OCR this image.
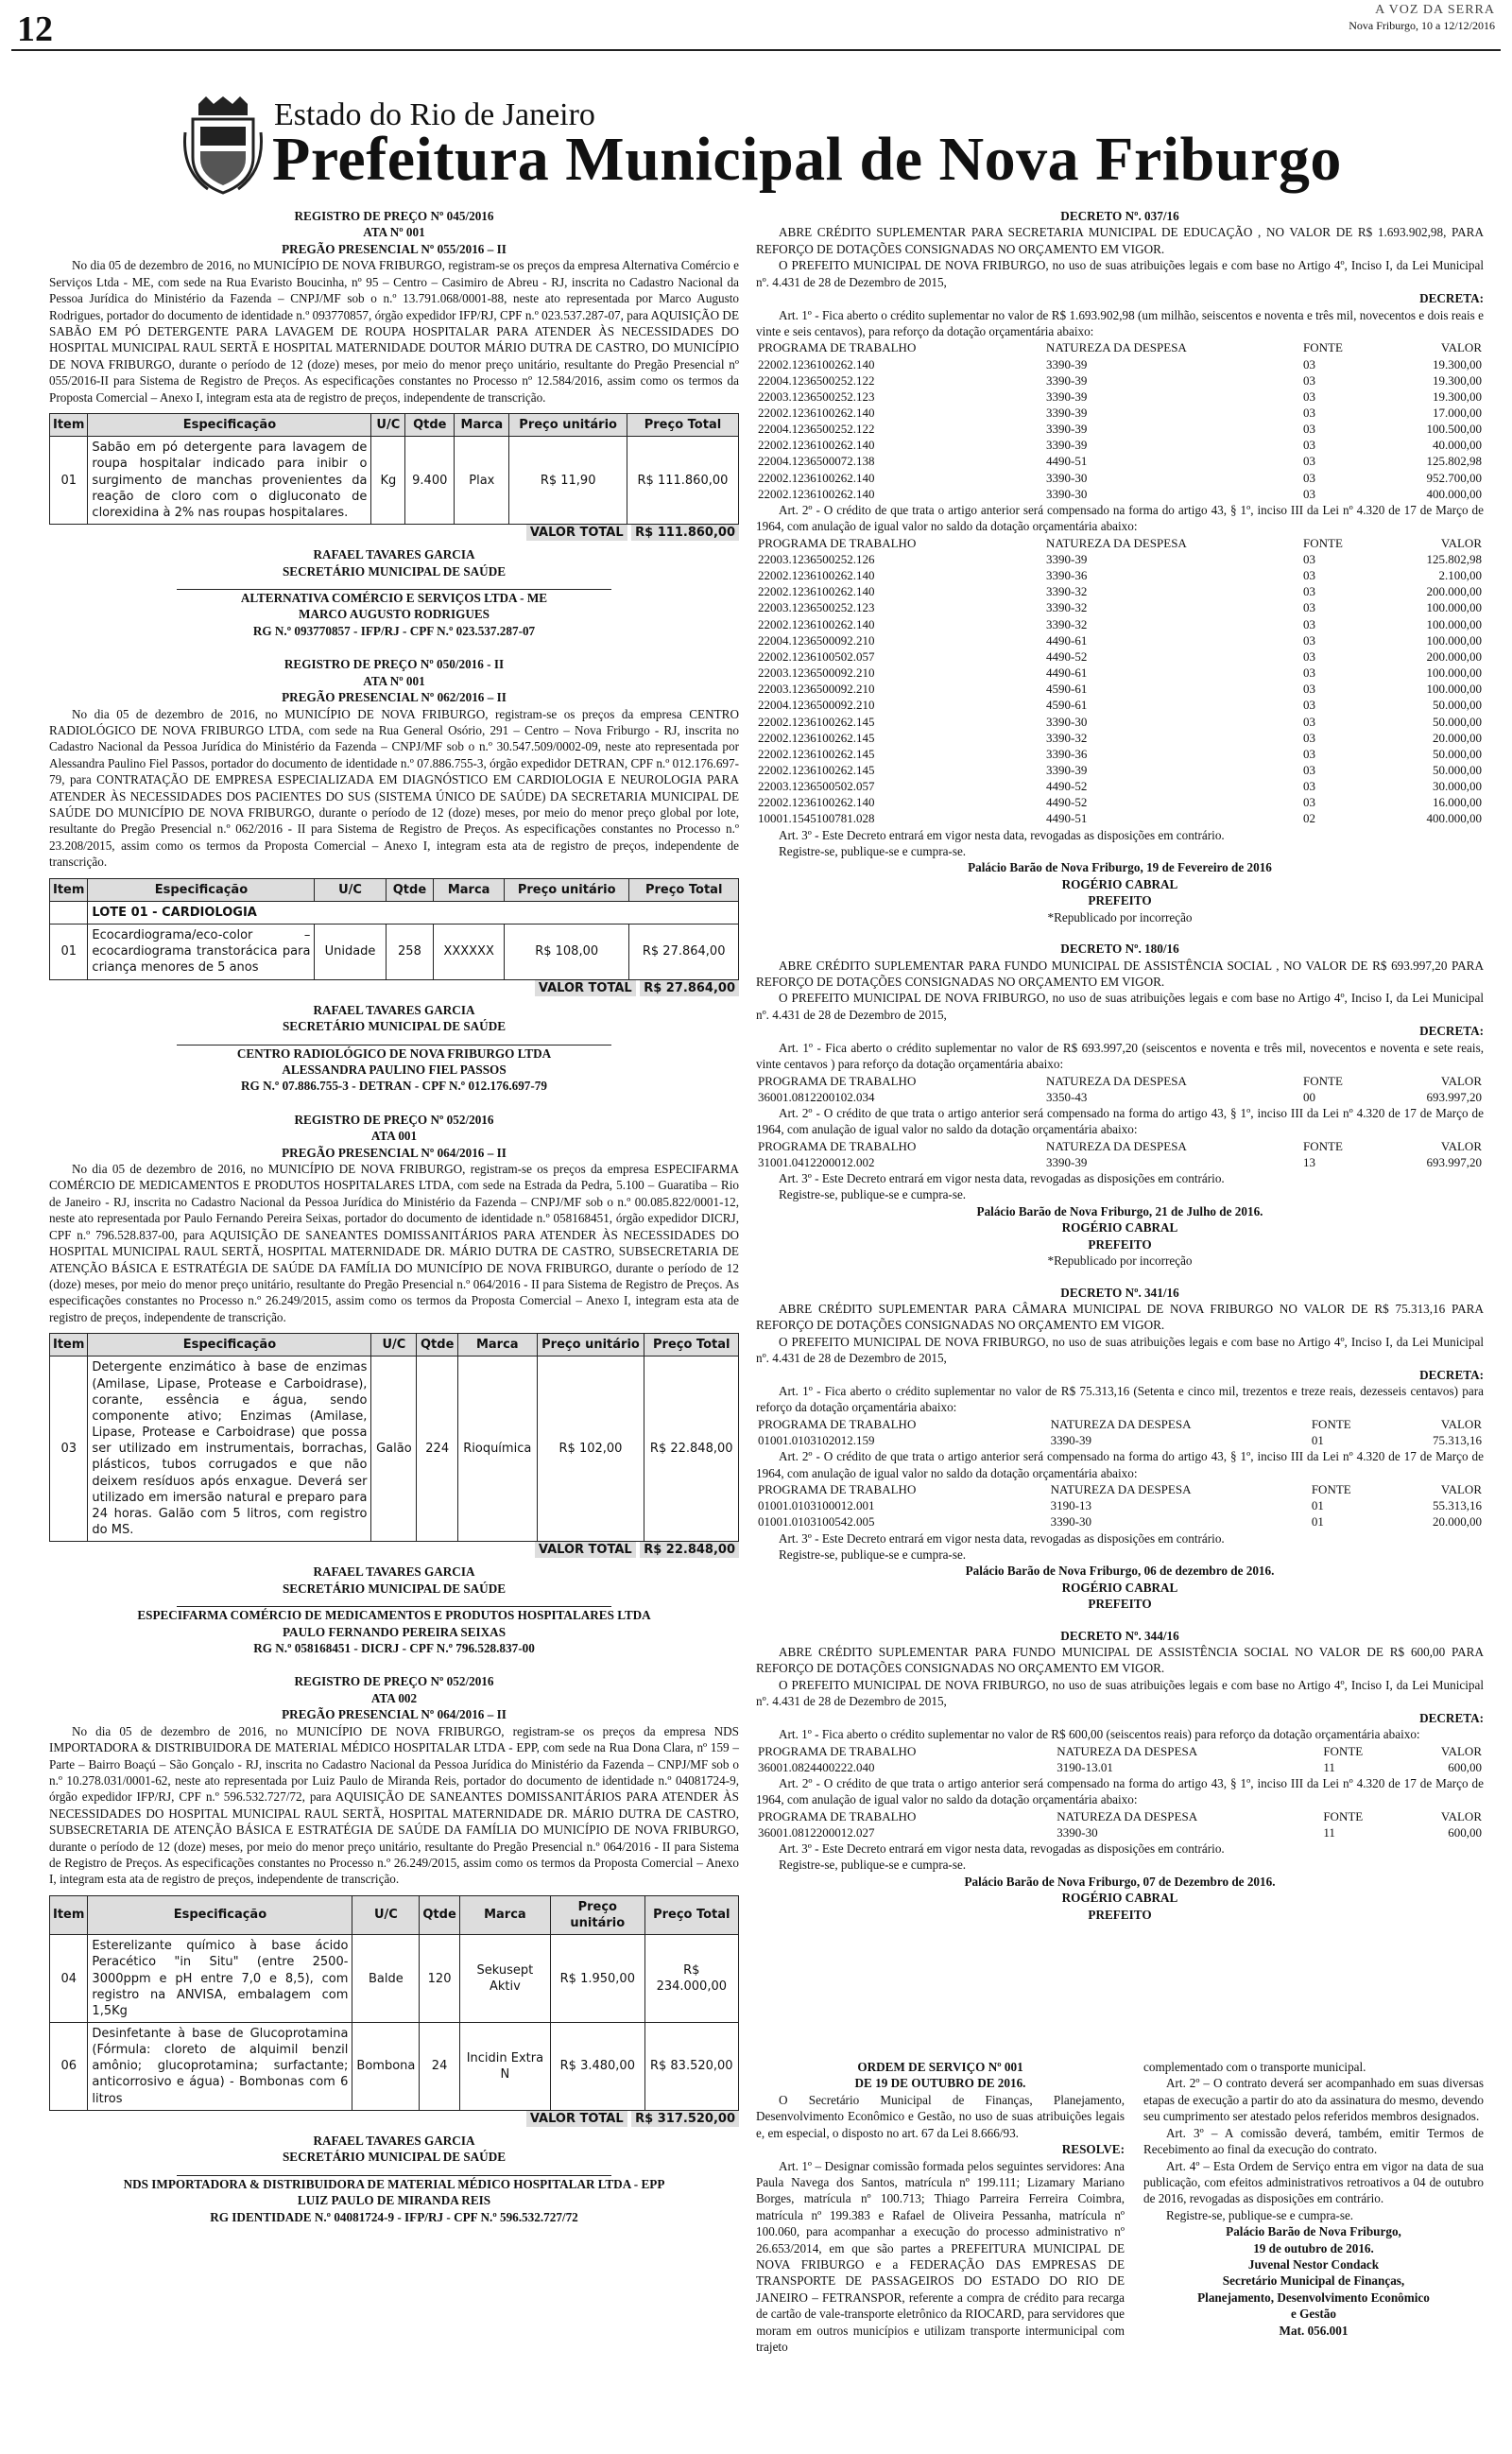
12	A VOZ DA SERRA
Nova Friburgo, 10 a 12/12/2016
Estado do Rio de Janeiro
Prefeitura Municipal de Nova Friburgo
REGISTRO DE PREÇO Nº 045/2016
ATA Nº 001
PREGÃO PRESENCIAL Nº 055/2016 – II
No dia 05 de dezembro de 2016, no MUNICÍPIO DE NOVA FRIBURGO, registram-se os preços da empresa Alternativa Comércio e Serviços Ltda - ME, com sede na Rua Evaristo Boucinha, nº 95 – Centro – Casimiro de Abreu - RJ, inscrita no Cadastro Nacional da Pessoa Jurídica do Ministério da Fazenda – CNPJ/MF sob o n.º 13.791.068/0001-88, neste ato representada por Marco Augusto Rodrigues, portador do documento de identidade n.º 093770857, órgão expedidor IFP/RJ, CPF n.º 023.537.287-07, para AQUISIÇÃO DE SABÃO EM PÓ DETERGENTE PARA LAVAGEM DE ROUPA HOSPITALAR PARA ATENDER ÀS NECESSIDADES DO HOSPITAL MUNICIPAL RAUL SERTÃ E HOSPITAL MATERNIDADE DOUTOR MÁRIO DUTRA DE CASTRO, DO MUNICÍPIO DE NOVA FRIBURGO, durante o período de 12 (doze) meses, por meio do menor preço unitário, resultante do Pregão Presencial nº 055/2016-II para Sistema de Registro de Preços. As especificações constantes no Processo nº 12.584/2016, assim como os termos da Proposta Comercial – Anexo I, integram esta ata de registro de preços, independente de transcrição.
Item	Especificação	U/C	Qtde	Marca	Preço unitário	Preço Total
01	Sabão em pó detergente para lavagem de roupa hospitalar indicado para inibir o surgimento de manchas provenientes da reação de cloro com o digluconato de clorexidina à 2% nas roupas hospitalares.	Kg	9.400	Plax	R$ 11,90	R$ 111.860,00
VALOR TOTAL R$ 111.860,00
RAFAEL TAVARES GARCIA
SECRETÁRIO MUNICIPAL DE SAÚDE
ALTERNATIVA COMÉRCIO E SERVIÇOS LTDA - ME
MARCO AUGUSTO RODRIGUES
RG N.º 093770857 - IFP/RJ - CPF N.º 023.537.287-07
REGISTRO DE PREÇO Nº 050/2016 - II
ATA Nº 001
PREGÃO PRESENCIAL Nº 062/2016 – II
No dia 05 de dezembro de 2016, no MUNICÍPIO DE NOVA FRIBURGO, registram-se os preços da empresa CENTRO RADIOLÓGICO DE NOVA FRIBURGO LTDA, com sede na Rua General Osório, 291 – Centro – Nova Friburgo - RJ, inscrita no Cadastro Nacional da Pessoa Jurídica do Ministério da Fazenda – CNPJ/MF sob o n.º 30.547.509/0002-09, neste ato representada por Alessandra Paulino Fiel Passos, portador do documento de identidade n.º 07.886.755-3, órgão expedidor DETRAN, CPF n.º 012.176.697-79, para CONTRATAÇÃO DE EMPRESA ESPECIALIZADA EM DIAGNÓSTICO EM CARDIOLOGIA E NEUROLOGIA PARA ATENDER ÀS NECESSIDADES DOS PACIENTES DO SUS (SISTEMA ÚNICO DE SAÚDE) DA SECRETARIA MUNICIPAL DE SAÚDE DO MUNICÍPIO DE NOVA FRIBURGO, durante o período de 12 (doze) meses, por meio do menor preço global por lote, resultante do Pregão Presencial n.º 062/2016 - II para Sistema de Registro de Preços. As especificações constantes no Processo n.º 23.208/2015, assim como os termos da Proposta Comercial – Anexo I, integram esta ata de registro de preços, independente de transcrição.
Item	Especificação	U/C	Qtde	Marca	Preço unitário	Preço Total
	LOTE 01 - CARDIOLOGIA					
01	Ecocardiograma/eco-color – ecocardiograma transtorácica para criança menores de 5 anos	Unidade	258	XXXXXX	R$ 108,00	R$ 27.864,00
VALOR TOTAL R$ 27.864,00
RAFAEL TAVARES GARCIA
SECRETÁRIO MUNICIPAL DE SAÚDE
CENTRO RADIOLÓGICO DE NOVA FRIBURGO LTDA
ALESSANDRA PAULINO FIEL PASSOS
RG N.º 07.886.755-3 - DETRAN - CPF N.º 012.176.697-79
REGISTRO DE PREÇO Nº 052/2016
ATA 001
PREGÃO PRESENCIAL Nº 064/2016 – II
No dia 05 de dezembro de 2016, no MUNICÍPIO DE NOVA FRIBURGO, registram-se os preços da empresa ESPECIFARMA COMÉRCIO DE MEDICAMENTOS E PRODUTOS HOSPITALARES LTDA, com sede na Estrada da Pedra, 5.100 – Guaratiba – Rio de Janeiro - RJ, inscrita no Cadastro Nacional da Pessoa Jurídica do Ministério da Fazenda – CNPJ/MF sob o n.º 00.085.822/0001-12, neste ato representada por Paulo Fernando Pereira Seixas, portador do documento de identidade n.º 058168451, órgão expedidor DICRJ, CPF n.º 796.528.837-00, para AQUISIÇÃO DE SANEANTES DOMISSANITÁRIOS PARA ATENDER ÀS NECESSIDADES DO HOSPITAL MUNICIPAL RAUL SERTÃ, HOSPITAL MATERNIDADE DR. MÁRIO DUTRA DE CASTRO, SUBSECRETARIA DE ATENÇÃO BÁSICA E ESTRATÉGIA DE SAÚDE DA FAMÍLIA DO MUNICÍPIO DE NOVA FRIBURGO, durante o período de 12 (doze) meses, por meio do menor preço unitário, resultante do Pregão Presencial n.º 064/2016 - II para Sistema de Registro de Preços. As especificações constantes no Processo n.º 26.249/2015, assim como os termos da Proposta Comercial – Anexo I, integram esta ata de registro de preços, independente de transcrição.
Item	Especificação	U/C	Qtde	Marca	Preço unitário	Preço Total
03	Detergente enzimático à base de enzimas (Amilase, Lipase, Protease e Carboidrase), corante, essência e água, sendo componente ativo; Enzimas (Amilase, Lipase, Protease e Carboidrase) que possa ser utilizado em instrumentais, borrachas, plásticos, tubos corrugados e que não deixem resíduos após enxague. Deverá ser utilizado em imersão natural e preparo para 24 horas. Galão com 5 litros, com registro do MS.	Galão	224	Rioquímica	R$ 102,00	R$ 22.848,00
VALOR TOTAL R$ 22.848,00
RAFAEL TAVARES GARCIA
SECRETÁRIO MUNICIPAL DE SAÚDE
ESPECIFARMA COMÉRCIO DE MEDICAMENTOS E PRODUTOS HOSPITALARES LTDA
PAULO FERNANDO PEREIRA SEIXAS
RG N.º 058168451 - DICRJ - CPF N.º 796.528.837-00
REGISTRO DE PREÇO Nº 052/2016
ATA 002
PREGÃO PRESENCIAL Nº 064/2016 – II
No dia 05 de dezembro de 2016, no MUNICÍPIO DE NOVA FRIBURGO, registram-se os preços da empresa NDS IMPORTADORA & DISTRIBUIDORA DE MATERIAL MÉDICO HOSPITALAR LTDA - EPP, com sede na Rua Dona Clara, nº 159 – Parte – Bairro Boaçú – São Gonçalo - RJ, inscrita no Cadastro Nacional da Pessoa Jurídica do Ministério da Fazenda – CNPJ/MF sob o n.º 10.278.031/0001-62, neste ato representada por Luiz Paulo de Miranda Reis, portador do documento de identidade n.º 04081724-9, órgão expedidor IFP/RJ, CPF n.º 596.532.727/72, para AQUISIÇÃO DE SANEANTES DOMISSANITÁRIOS PARA ATENDER ÀS NECESSIDADES DO HOSPITAL MUNICIPAL RAUL SERTÃ, HOSPITAL MATERNIDADE DR. MÁRIO DUTRA DE CASTRO, SUBSECRETARIA DE ATENÇÃO BÁSICA E ESTRATÉGIA DE SAÚDE DA FAMÍLIA DO MUNICÍPIO DE NOVA FRIBURGO, durante o período de 12 (doze) meses, por meio do menor preço unitário, resultante do Pregão Presencial n.º 064/2016 - II para Sistema de Registro de Preços. As especificações constantes no Processo n.º 26.249/2015, assim como os termos da Proposta Comercial – Anexo I, integram esta ata de registro de preços, independente de transcrição.
Item	Especificação	U/C	Qtde	Marca	Preço unitário	Preço Total
04	Esterelizante químico à base ácido Peracético "in Situ" (entre 2500-3000ppm e pH entre 7,0 e 8,5), com registro na ANVISA, embalagem com 1,5Kg	Balde	120	Sekusept Aktiv	R$ 1.950,00	R$ 234.000,00
06	Desinfetante à base de Glucoprotamina (Fórmula: cloreto de alquimil benzil amônio; glucoprotamina; surfactante; anticorrosivo e água) - Bombonas com 6 litros	Bombona	24	Incidin Extra N	R$ 3.480,00	R$ 83.520,00
VALOR TOTAL R$ 317.520,00
RAFAEL TAVARES GARCIA
SECRETÁRIO MUNICIPAL DE SAÚDE
NDS IMPORTADORA & DISTRIBUIDORA DE MATERIAL MÉDICO HOSPITALAR LTDA - EPP
LUIZ PAULO DE MIRANDA REIS
RG IDENTIDADE N.º 04081724-9 - IFP/RJ - CPF N.º 596.532.727/72
DECRETO Nº. 037/16
ABRE CRÉDITO SUPLEMENTAR PARA SECRETARIA MUNICIPAL DE EDUCAÇÃO , NO VALOR DE R$ 1.693.902,98, PARA REFORÇO DE DOTAÇÕES CONSIGNADAS NO ORÇAMENTO EM VIGOR.
O PREFEITO MUNICIPAL DE NOVA FRIBURGO, no uso de suas atribuições legais e com base no Artigo 4º, Inciso I, da Lei Municipal nº. 4.431 de 28 de Dezembro de 2015,
DECRETA:
Art. 1º - Fica aberto o crédito suplementar no valor de R$ 1.693.902,98 (um milhão, seiscentos e noventa e três mil, novecentos e dois reais e vinte e seis centavos), para reforço da dotação orçamentária abaixo:
PROGRAMA DE TRABALHO	NATUREZA DA DESPESA	FONTE	VALOR
22002.1236100262.140	3390-39	03	19.300,00
22004.1236500252.122	3390-39	03	19.300,00
22003.1236500252.123	3390-39	03	19.300,00
22002.1236100262.140	3390-39	03	17.000,00
22004.1236500252.122	3390-39	03	100.500,00
22002.1236100262.140	3390-39	03	40.000,00
22004.1236500072.138	4490-51	03	125.802,98
22002.1236100262.140	3390-30	03	952.700,00
22002.1236100262.140	3390-30	03	400.000,00
Art. 2º - O crédito de que trata o artigo anterior será compensado na forma do artigo 43, § 1º, inciso III da Lei nº 4.320 de 17 de Março de 1964, com anulação de igual valor no saldo da dotação orçamentária abaixo:
PROGRAMA DE TRABALHO	NATUREZA DA DESPESA	FONTE	VALOR
22003.1236500252.126	3390-39	03	125.802,98
22002.1236100262.140	3390-36	03	2.100,00
22002.1236100262.140	3390-32	03	200.000,00
22003.1236500252.123	3390-32	03	100.000,00
22002.1236100262.140	3390-32	03	100.000,00
22004.1236500092.210	4490-61	03	100.000,00
22002.1236100502.057	4490-52	03	200.000,00
22003.1236500092.210	4490-61	03	100.000,00
22003.1236500092.210	4590-61	03	100.000,00
22004.1236500092.210	4590-61	03	50.000,00
22002.1236100262.145	3390-30	03	50.000,00
22002.1236100262.145	3390-32	03	20.000,00
22002.1236100262.145	3390-36	03	50.000,00
22002.1236100262.145	3390-39	03	50.000,00
22003.1236500502.057	4490-52	03	30.000,00
22002.1236100262.140	4490-52	03	16.000,00
10001.1545100781.028	4490-51	02	400.000,00
Art. 3º - Este Decreto entrará em vigor nesta data, revogadas as disposições em contrário.
Registre-se, publique-se e cumpra-se.
Palácio Barão de Nova Friburgo, 19 de Fevereiro de 2016
ROGÉRIO CABRAL
PREFEITO
*Republicado por incorreção
DECRETO Nº. 180/16
ABRE CRÉDITO SUPLEMENTAR PARA FUNDO MUNICIPAL DE ASSISTÊNCIA SOCIAL , NO VALOR DE R$ 693.997,20 PARA REFORÇO DE DOTAÇÕES CONSIGNADAS NO ORÇAMENTO EM VIGOR.
O PREFEITO MUNICIPAL DE NOVA FRIBURGO, no uso de suas atribuições legais e com base no Artigo 4º, Inciso I, da Lei Municipal nº. 4.431 de 28 de Dezembro de 2015,
DECRETA:
Art. 1º - Fica aberto o crédito suplementar no valor de R$ 693.997,20 (seiscentos e noventa e três mil, novecentos e noventa e sete reais, vinte centavos ) para reforço da dotação orçamentária abaixo:
PROGRAMA DE TRABALHO	NATUREZA DA DESPESA	FONTE	VALOR
36001.0812200102.034	3350-43	00	693.997,20
Art. 2º - O crédito de que trata o artigo anterior será compensado na forma do artigo 43, § 1º, inciso III da Lei nº 4.320 de 17 de Março de 1964, com anulação de igual valor no saldo da dotação orçamentária abaixo:
PROGRAMA DE TRABALHO	NATUREZA DA DESPESA	FONTE	VALOR
31001.0412200012.002	3390-39	13	693.997,20
Art. 3º - Este Decreto entrará em vigor nesta data, revogadas as disposições em contrário.
Registre-se, publique-se e cumpra-se.
Palácio Barão de Nova Friburgo, 21 de Julho de 2016.
ROGÉRIO CABRAL
PREFEITO
*Republicado por incorreção
DECRETO Nº. 341/16
ABRE CRÉDITO SUPLEMENTAR PARA CÂMARA MUNICIPAL DE NOVA FRIBURGO NO VALOR DE R$ 75.313,16 PARA REFORÇO DE DOTAÇÕES CONSIGNADAS NO ORÇAMENTO EM VIGOR.
O PREFEITO MUNICIPAL DE NOVA FRIBURGO, no uso de suas atribuições legais e com base no Artigo 4º, Inciso I, da Lei Municipal nº. 4.431 de 28 de Dezembro de 2015,
DECRETA:
Art. 1º - Fica aberto o crédito suplementar no valor de R$ 75.313,16 (Setenta e cinco mil, trezentos e treze reais, dezesseis centavos) para reforço da dotação orçamentária abaixo:
PROGRAMA DE TRABALHO	NATUREZA DA DESPESA	FONTE	VALOR
01001.0103102012.159	3390-39	01	75.313,16
Art. 2º - O crédito de que trata o artigo anterior será compensado na forma do artigo 43, § 1º, inciso III da Lei nº 4.320 de 17 de Março de 1964, com anulação de igual valor no saldo da dotação orçamentária abaixo:
PROGRAMA DE TRABALHO	NATUREZA DA DESPESA	FONTE	VALOR
01001.0103100012.001	3190-13	01	55.313,16
01001.0103100542.005	3390-30	01	20.000,00
Art. 3º - Este Decreto entrará em vigor nesta data, revogadas as disposições em contrário.
Registre-se, publique-se e cumpra-se.
Palácio Barão de Nova Friburgo, 06 de dezembro de 2016.
ROGÉRIO CABRAL
PREFEITO
DECRETO Nº. 344/16
ABRE CRÉDITO SUPLEMENTAR PARA FUNDO MUNICIPAL DE ASSISTÊNCIA SOCIAL NO VALOR DE R$ 600,00 PARA REFORÇO DE DOTAÇÕES CONSIGNADAS NO ORÇAMENTO EM VIGOR.
O PREFEITO MUNICIPAL DE NOVA FRIBURGO, no uso de suas atribuições legais e com base no Artigo 4º, Inciso I, da Lei Municipal nº. 4.431 de 28 de Dezembro de 2015,
DECRETA:
Art. 1º - Fica aberto o crédito suplementar no valor de R$ 600,00 (seiscentos reais) para reforço da dotação orçamentária abaixo:
PROGRAMA DE TRABALHO	NATUREZA DA DESPESA	FONTE	VALOR
36001.0824400222.040	3190-13.01	11	600,00
Art. 2º - O crédito de que trata o artigo anterior será compensado na forma do artigo 43, § 1º, inciso III da Lei nº 4.320 de 17 de Março de 1964, com anulação de igual valor no saldo da dotação orçamentária abaixo:
PROGRAMA DE TRABALHO	NATUREZA DA DESPESA	FONTE	VALOR
36001.0812200012.027	3390-30	11	600,00
Art. 3º - Este Decreto entrará em vigor nesta data, revogadas as disposições em contrário.
Registre-se, publique-se e cumpra-se.
Palácio Barão de Nova Friburgo, 07 de Dezembro de 2016.
ROGÉRIO CABRAL
PREFEITO
ORDEM DE SERVIÇO Nº 001
DE 19 DE OUTUBRO DE 2016.
O Secretário Municipal de Finanças, Planejamento, Desenvolvimento Econômico e Gestão, no uso de suas atribuições legais e, em especial, o disposto no art. 67 da Lei 8.666/93.
RESOLVE:
Art. 1º – Designar comissão formada pelos seguintes servidores: Ana Paula Navega dos Santos, matrícula nº 199.111; Lizamary Mariano Borges, matrícula nº 100.713; Thiago Parreira Ferreira Coimbra, matrícula nº 199.383 e Rafael de Oliveira Pessanha, matrícula nº 100.060, para acompanhar a execução do processo administrativo nº 26.653/2014, em que são partes a PREFEITURA MUNICIPAL DE NOVA FRIBURGO e a FEDERAÇÃO DAS EMPRESAS DE TRANSPORTE DE PASSAGEIROS DO ESTADO DO RIO DE JANEIRO – FETRANSPOR, referente a compra de crédito para recarga de cartão de vale-transporte eletrônico da RIOCARD, para servidores que moram em outros municípios e utilizam transporte intermunicipal com trajeto
complementado com o transporte municipal.
Art. 2º – O contrato deverá ser acompanhado em suas diversas etapas de execução a partir do ato da assinatura do mesmo, devendo seu cumprimento ser atestado pelos referidos membros designados.
Art. 3º – A comissão deverá, também, emitir Termos de Recebimento ao final da execução do contrato.
Art. 4º – Esta Ordem de Serviço entra em vigor na data de sua publicação, com efeitos administrativos retroativos a 04 de outubro de 2016, revogadas as disposições em contrário.
Registre-se, publique-se e cumpra-se.
Palácio Barão de Nova Friburgo,
19 de outubro de 2016.
Juvenal Nestor Condack
Secretário Municipal de Finanças,
Planejamento, Desenvolvimento Econômico
e Gestão
Mat. 056.001
